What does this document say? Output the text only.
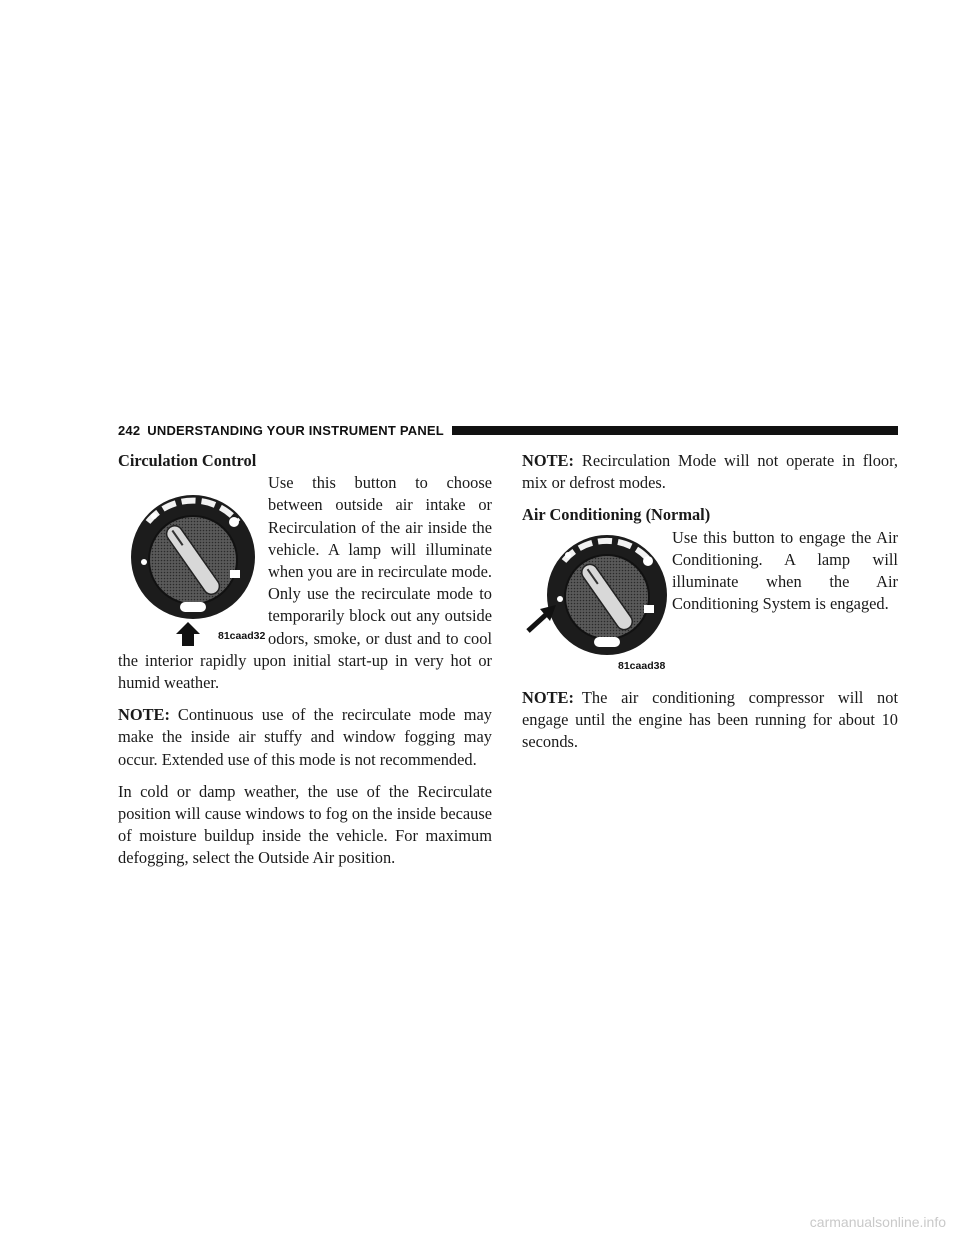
242 UNDERSTANDING YOUR INSTRUMENT PANEL
Circulation Control
81caad32

Use this button to choose between outside air intake or Recirculation of the air inside the vehicle. A lamp will illuminate when you are in recirculate mode. Only use the recirculate mode to temporarily block out any outside odors, smoke, or dust and to cool the interior rapidly upon initial start-up in very hot or humid weather.

NOTE: Continuous use of the recirculate mode may make the inside air stuffy and window fogging may occur. Extended use of this mode is not recommended.

In cold or damp weather, the use of the Recirculate position will cause windows to fog on the inside because of moisture buildup inside the vehicle. For maximum defogging, select the Outside Air position.

NOTE: Recirculation Mode will not operate in floor, mix or defrost modes.

Air Conditioning (Normal)
81caad38

Use this button to engage the Air Conditioning. A lamp will illuminate when the Air Conditioning System is engaged.

NOTE: The air conditioning compressor will not engage until the engine has been running for about 10 seconds.

carmanualsonline.info
